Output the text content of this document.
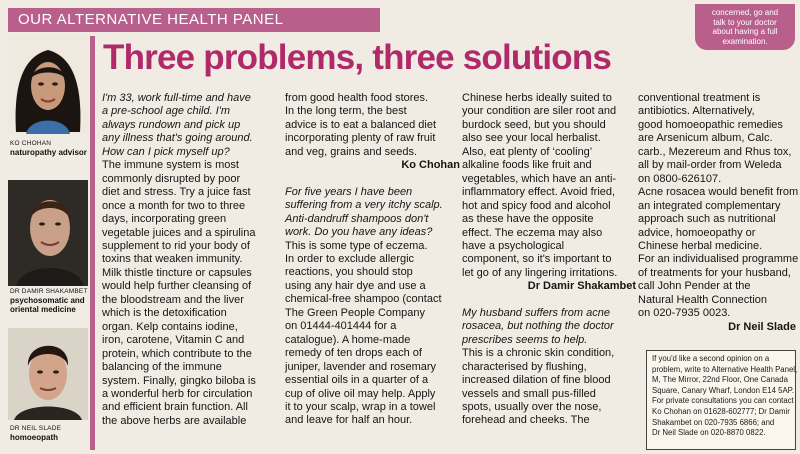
OUR ALTERNATIVE HEALTH PANEL	concerned, go and
talk to your doctor
about having a full
examination.
Three problems, three solutions
KO CHOHAN
naturopathy advisor
DR DAMIR SHAKAMBET
psychosomatic and
oriental medicine
DR NEIL SLADE
homoeopath

I'm 33, work full-time and have

a pre-school age child. I'm

always rundown and pick up

any illness that's going around.

How can I pick myself up?

The immune system is most

commonly disrupted by poor

diet and stress. Try a juice fast

once a month for two to three

days, incorporating green

vegetable juices and a spirulina

supplement to rid your body of

toxins that weaken immunity.

Milk thistle tincture or capsules

would help further cleansing of

the bloodstream and the liver

which is the detoxification

organ. Kelp contains iodine,

iron, carotene, Vitamin C and

protein, which contribute to the

balancing of the immune

system. Finally, gingko biloba is

a wonderful herb for circulation

and efficient brain function. All

the above herbs are available

from good health food stores.

In the long term, the best

advice is to eat a balanced diet

incorporating plenty of raw fruit

and veg, grains and seeds.

Ko Chohan

For five years I have been

suffering from a very itchy scalp.

Anti-dandruff shampoos don't

work. Do you have any ideas?

This is some type of eczema.

In order to exclude allergic

reactions, you should stop

using any hair dye and use a

chemical-free shampoo (contact

The Green People Company

on 01444-401444 for a

catalogue). A home-made

remedy of ten drops each of

juniper, lavender and rosemary

essential oils in a quarter of a

cup of olive oil may help. Apply

it to your scalp, wrap in a towel

and leave for half an hour.

Chinese herbs ideally suited to

your condition are siler root and

burdock seed, but you should

also see your local herbalist.

Also, eat plenty of ‘cooling’

alkaline foods like fruit and

vegetables, which have an anti-

inflammatory effect. Avoid fried,

hot and spicy food and alcohol

as these have the opposite

effect. The eczema may also

have a psychological

component, so it's important to

let go of any lingering irritations.

Dr Damir Shakambet

My husband suffers from acne

rosacea, but nothing the doctor

prescribes seems to help.

This is a chronic skin condition,

characterised by flushing,

increased dilation of fine blood

vessels and small pus-filled

spots, usually over the nose,

forehead and cheeks. The

conventional treatment is

antibiotics. Alternatively,

good homoeopathic remedies

are Arsenicum album, Calc.

carb., Mezereum and Rhus tox,

all by mail-order from Weleda

on 0800-626107.

Acne rosacea would benefit from

an integrated complementary

approach such as nutritional

advice, homoeopathy or

Chinese herbal medicine.

For an individualised programme

of treatments for your husband,

call John Pender at the

Natural Health Connection

on 020-7935 0023.

Dr Neil Slade

If you'd like a second opinion on a

problem, write to Alternative Health Panel,

M, The Mirror, 22nd Floor, One Canada

Square, Canary Wharf, London E14 5AP.

For private consultations you can contact

Ko Chohan on 01628-602777; Dr Damir

Shakambet on 020-7935 6866; and

Dr Neil Slade on 020-8870 0822.
